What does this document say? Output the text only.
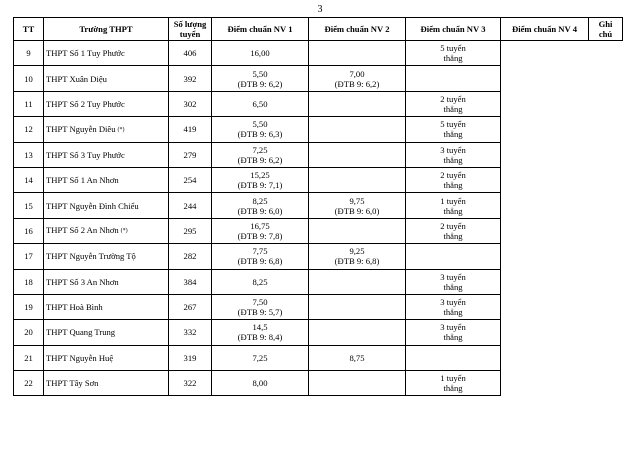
3
TT	Trường THPT	Số lượng
tuyển	Điểm chuẩn NV 1	Điểm chuẩn NV 2	Điểm chuẩn NV 3	Điểm chuẩn NV 4	Ghi chú
9	THPT Số 1 Tuy Phước	406	16,00		5 tuyển
thẳng		

10	THPT Xuân Diệu	392	5,50
(ĐTB 9: 6,2)	7,00
(ĐTB 9: 6,2)			

11	THPT Số 2 Tuy Phước	302	6,50		2 tuyển
thẳng		

12	THPT Nguyễn Diêu (*)	419	5,50
(ĐTB 9: 6,3)		5 tuyển
thẳng		

13	THPT Số 3 Tuy Phước	279	7,25
(ĐTB 9: 6,2)		3 tuyển
thẳng		

14	THPT Số 1 An Nhơn	254	15,25
(ĐTB 9: 7,1)		2 tuyển
thẳng		

15	THPT Nguyễn Đình Chiểu	244	8,25
(ĐTB 9: 6,0)	9,75
(ĐTB 9: 6,0)	1 tuyển
thẳng		

16	THPT Số 2 An Nhơn (*)	295	16,75
(ĐTB 9: 7,8)		2 tuyển
thẳng		

17	THPT Nguyễn Trường Tộ	282	7,75
(ĐTB 9: 6,8)	9,25
(ĐTB 9: 6,8)			

18	THPT Số 3 An Nhơn	384	8,25		3 tuyển
thẳng		

19	THPT Hoà Bình	267	7,50
(ĐTB 9: 5,7)		3 tuyển
thẳng		

20	THPT Quang Trung	332	14,5
(ĐTB 9: 8,4)		3 tuyển
thẳng		

21	THPT Nguyễn Huệ	319	7,25	8,75			

22	THPT Tây Sơn	322	8,00		1 tuyển
thẳng		
